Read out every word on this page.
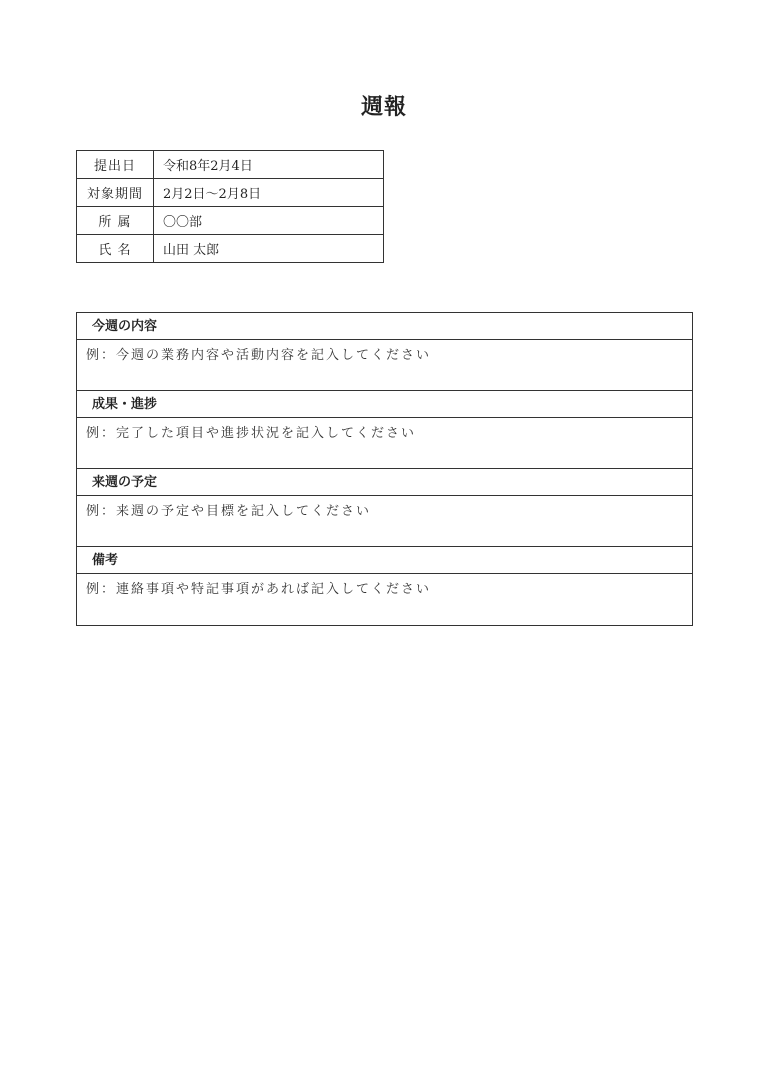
週報
提出日	令和8年2月4日
対象期間	2月2日〜2月8日
所 属	〇〇部
氏 名	山田 太郎
今週の内容
例：今週の業務内容や活動内容を記入してください
成果・進捗
例：完了した項目や進捗状況を記入してください
来週の予定
例：来週の予定や目標を記入してください
備考
例：連絡事項や特記事項があれば記入してください
